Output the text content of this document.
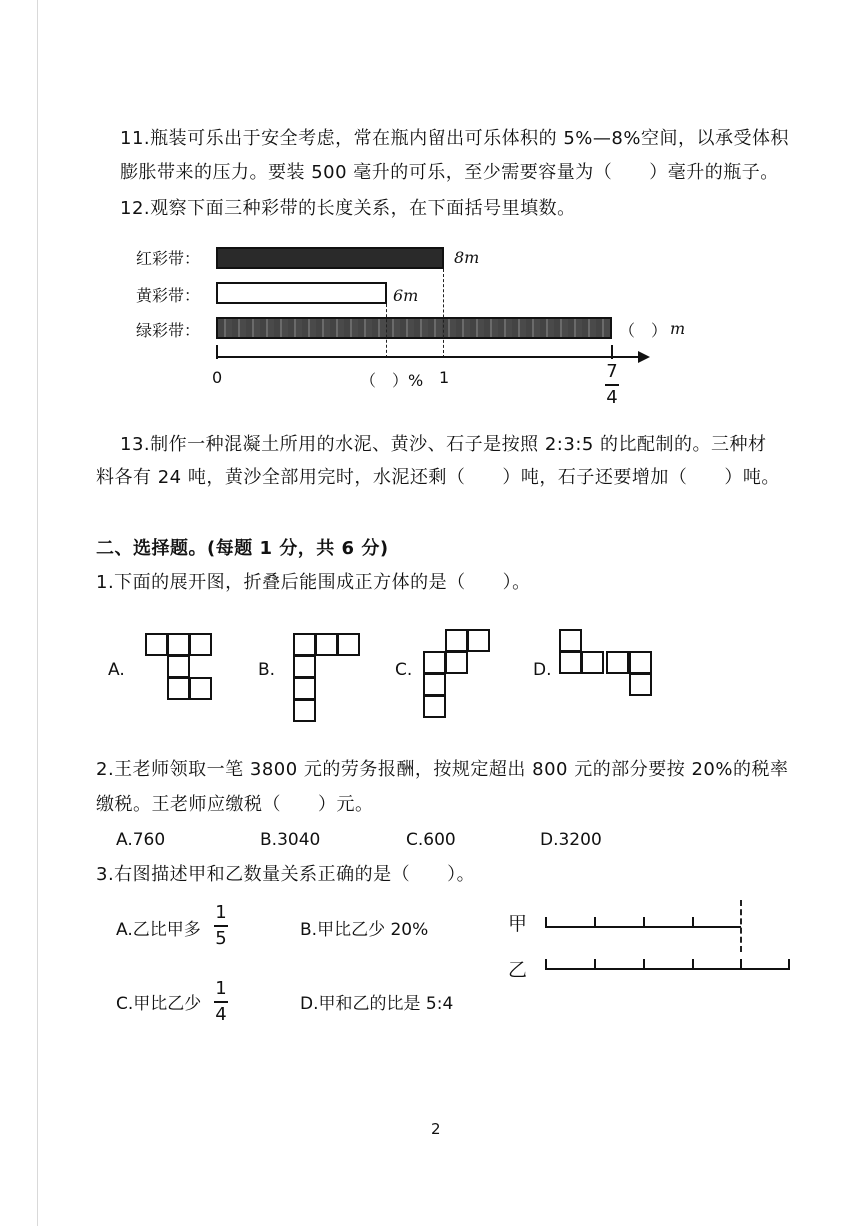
11.瓶装可乐出于安全考虑，常在瓶内留出可乐体积的 5%—8%空间，以承受体积
膨胀带来的压力。要装 500 毫升的可乐，至少需要容量为（　　）毫升的瓶子。
12.观察下面三种彩带的长度关系，在下面括号里填数。
红彩带：	8m
黄彩带：	6m
绿彩带：	（　） m
0	（　）% 1	7
4
13.制作一种混凝土所用的水泥、黄沙、石子是按照 2:3:5 的比配制的。三种材
料各有 24 吨，黄沙全部用完时，水泥还剩（　　）吨，石子还要增加（　　）吨。
二、选择题。(每题 1 分，共 6 分)
1.下面的展开图，折叠后能围成正方体的是（　　）。
A.	B.	C.	D.
2.王老师领取一笔 3800 元的劳务报酬，按规定超出 800 元的部分要按 20%的税率
缴税。王老师应缴税（　　）元。
A.760	B.3040	C.600	D.3200
3.右图描述甲和乙数量关系正确的是（　　）。
A.乙比甲多
1
5	B.甲比乙少 20%
C.甲比乙少
1
4	D.甲和乙的比是 5:4
甲
乙
2
